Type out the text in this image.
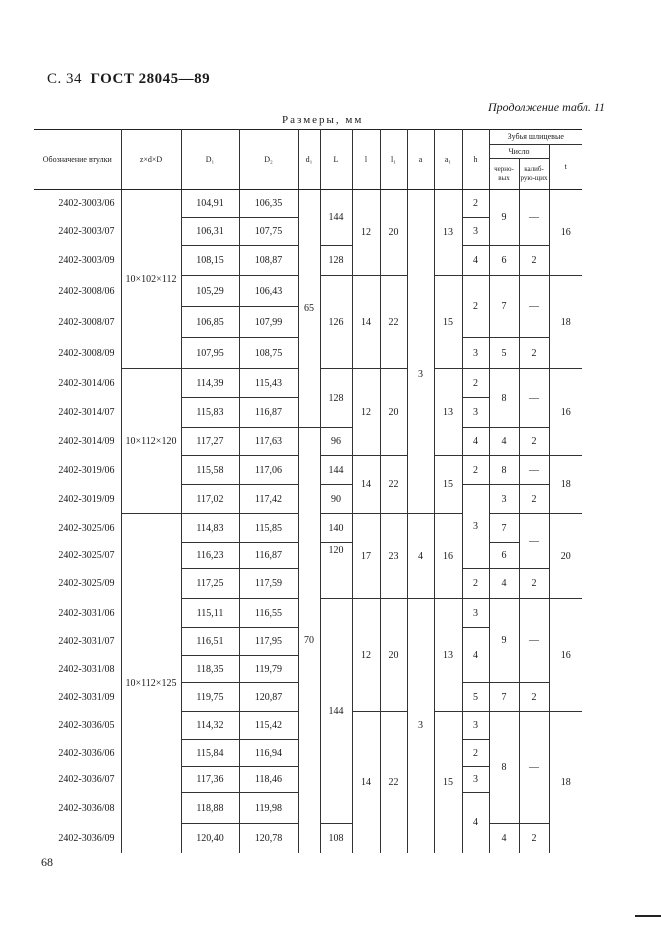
С. 34 ГОСТ 28045—89
Продолжение табл. 11
Размеры, мм
Обозначение втулки	z×d×D	D₁	D₂	d₁	L	l	l₁	a	a₁	h	Зубья шлицевые		
											Число		t
											черно-вых	калиб-рую-щих	
2402-3003/06	10×102×112	104,91	106,35	65	144	12	20		13	2	9	—	16
2402-3003/07		106,31	107,75							3			
2402-3003/09		108,15	108,87		128					4	6	2	
2402-3008/06		105,29	106,43		126	14	22		15	2	7	—	18
2402-3008/07		106,85	107,99										
2402-3008/09		107,95	108,75							3	5	2	
2402-3014/06	10×112×120	114,39	115,43		128	12	20	3	13	2	8	—	16
2402-3014/07		115,83	116,87							3			
2402-3014/09		117,27	117,63	70	96					4	4	2	
2402-3019/06		115,58	117,06		144	14	22		15	2	8	—	18
2402-3019/09		117,02	117,42		90					3	3	2	
2402-3025/06	10×112×125	114,83	115,85		140	17	23	4	16		7	—	20
2402-3025/07		116,23	116,87		120						6		
2402-3025/09		117,25	117,59							2	4	2	
2402-3031/06		115,11	116,55		144	12	20	3	13	3	9	—	16
2402-3031/07		116,51	117,95							4			
2402-3031/08		118,35	119,79										
2402-3031/09		119,75	120,87							5	7	2	
2402-3036/05		114,32	115,42			14	22		15	3	8	—	18
2402-3036/06		115,84	116,94							2			
2402-3036/07		117,36	118,46							3			
2402-3036/08		118,88	119,98							4			
2402-3036/09		120,40	120,78		108						4	2	
68
